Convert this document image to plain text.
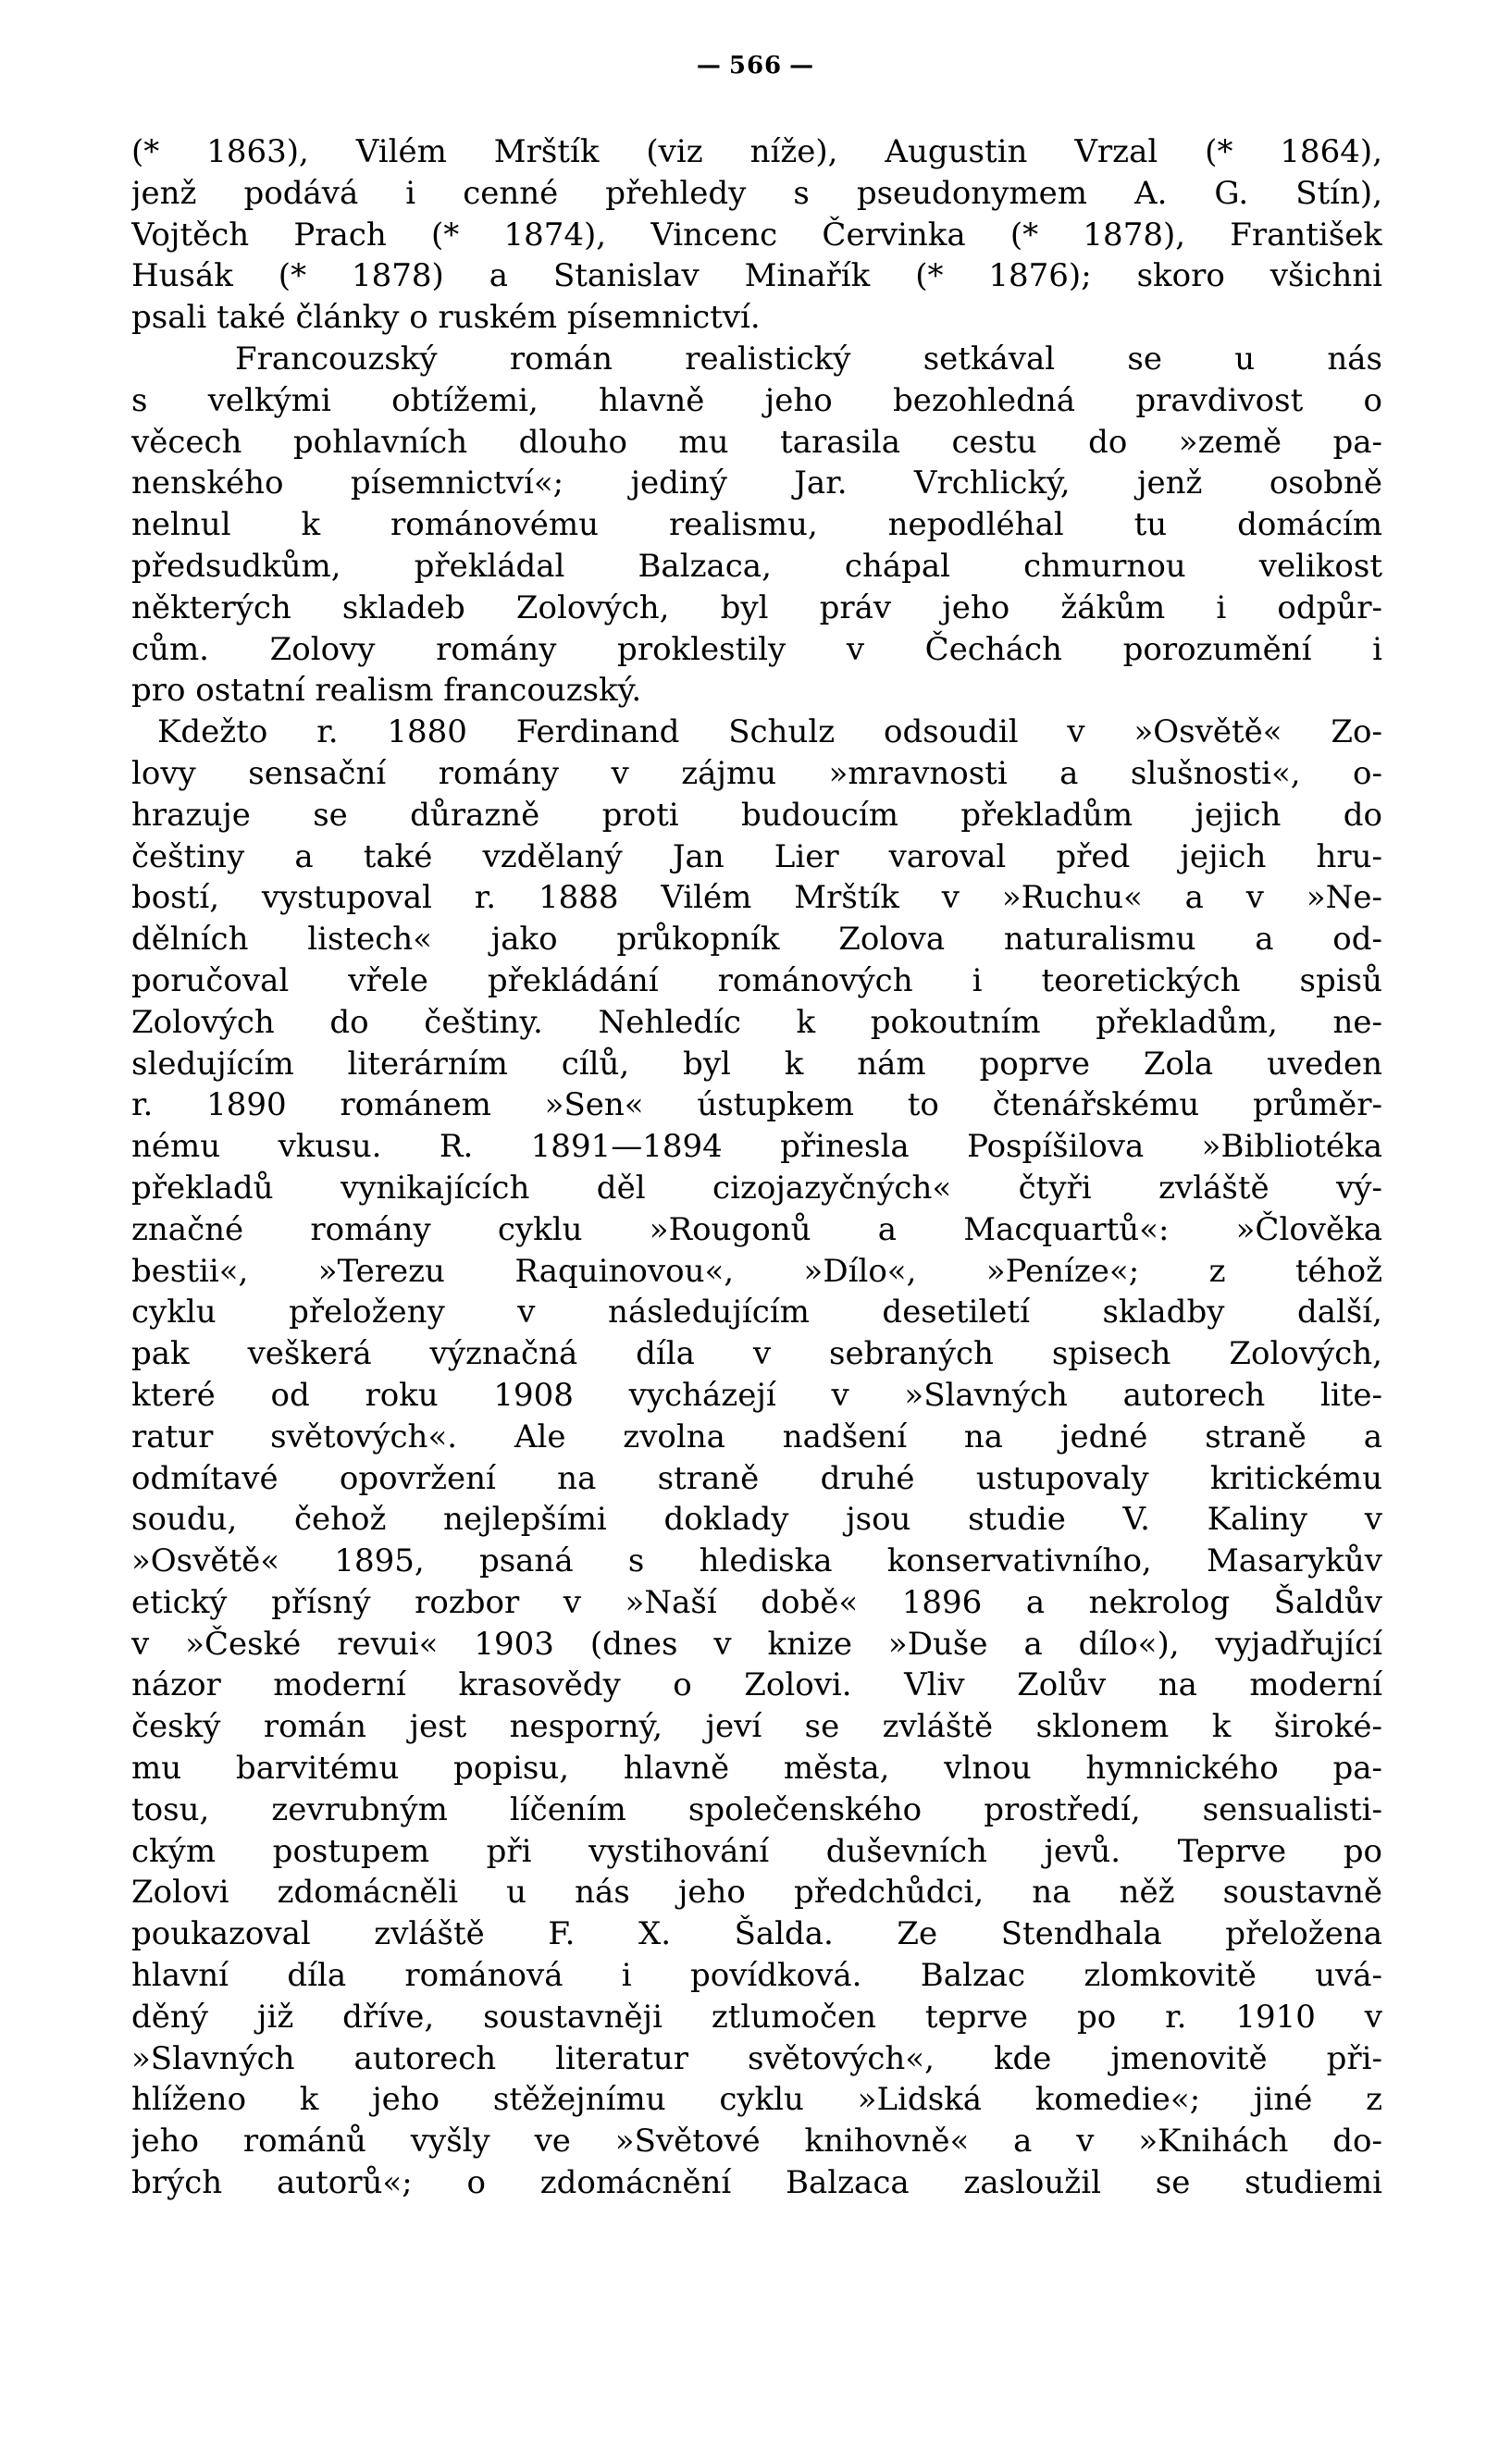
— 566 —
(* 1863), Vilém Mrštík (viz níže), Augustin Vrzal (* 1864),
jenž podává i cenné přehledy s pseudonymem A. G. Stín),
Vojtěch Prach (* 1874), Vincenc Červinka (* 1878), František
Husák (* 1878) a Stanislav Minařík (* 1876); skoro všichni
psali také články o ruském písemnictví.
Francouzský román realistický setkával se u nás
s velkými obtížemi, hlavně jeho bezohledná pravdivost o
věcech pohlavních dlouho mu tarasila cestu do »země pa-
nenského písemnictví«; jediný Jar. Vrchlický, jenž osobně
nelnul k románovému realismu, nepodléhal tu domácím
předsudkům, překládal Balzaca, chápal chmurnou velikost
některých skladeb Zolových, byl práv jeho žákům i odpůr-
cům. Zolovy romány proklestily v Čechách porozumění i
pro ostatní realism francouzský.
Kdežto r. 1880 Ferdinand Schulz odsoudil v »Osvětě« Zo-
lovy sensační romány v zájmu »mravnosti a slušnosti«, o-
hrazuje se důrazně proti budoucím překladům jejich do
češtiny a také vzdělaný Jan Lier varoval před jejich hru-
bostí, vystupoval r. 1888 Vilém Mrštík v »Ruchu« a v »Ne-
dělních listech« jako průkopník Zolova naturalismu a od-
poručoval vřele překládání románových i teoretických spisů
Zolových do češtiny. Nehledíc k pokoutním překladům, ne-
sledujícím literárním cílů, byl k nám poprve Zola uveden
r. 1890 románem »Sen« ústupkem to čtenářskému průměr-
nému vkusu. R. 1891—1894 přinesla Pospíšilova »Bibliotéka
překladů vynikajících děl cizojazyčných« čtyři zvláště vý-
značné romány cyklu »Rougonů a Macquartů«: »Člověka
bestii«, »Terezu Raquinovou«, »Dílo«, »Peníze«; z téhož
cyklu přeloženy v následujícím desetiletí skladby další,
pak veškerá význačná díla v sebraných spisech Zolových,
které od roku 1908 vycházejí v »Slavných autorech lite-
ratur světových«. Ale zvolna nadšení na jedné straně a
odmítavé opovržení na straně druhé ustupovaly kritickému
soudu, čehož nejlepšími doklady jsou studie V. Kaliny v
»Osvětě« 1895, psaná s hlediska konservativního, Masarykův
etický přísný rozbor v »Naší době« 1896 a nekrolog Šaldův
v »České revui« 1903 (dnes v knize »Duše a dílo«), vyjadřující
názor moderní krasovědy o Zolovi. Vliv Zolův na moderní
český román jest nesporný, jeví se zvláště sklonem k široké-
mu barvitému popisu, hlavně města, vlnou hymnického pa-
tosu, zevrubným líčením společenského prostředí, sensualisti-
ckým postupem při vystihování duševních jevů. Teprve po
Zolovi zdomácněli u nás jeho předchůdci, na něž soustavně
poukazoval zvláště F. X. Šalda. Ze Stendhala přeložena
hlavní díla románová i povídková. Balzac zlomkovitě uvá-
děný již dříve, soustavněji ztlumočen teprve po r. 1910 v
»Slavných autorech literatur světových«, kde jmenovitě při-
hlíženo k jeho stěžejnímu cyklu »Lidská komedie«; jiné z
jeho románů vyšly ve »Světové knihovně« a v »Knihách do-
brých autorů«; o zdomácnění Balzaca zasloužil se studiemi
